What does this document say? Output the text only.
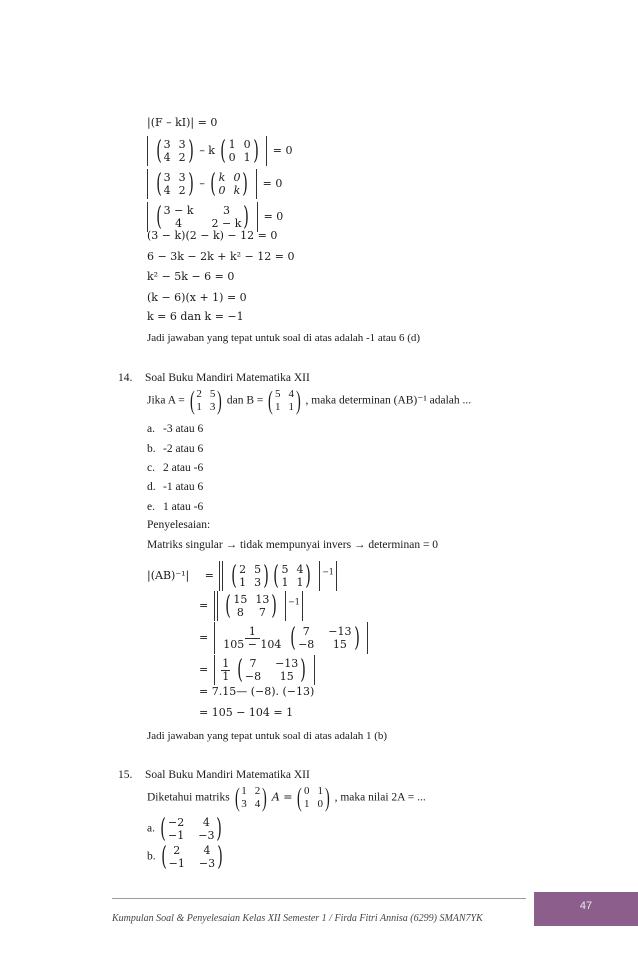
|(F – kI)| = 0

( 3 3
4 2 ) – k ( 1 0
0 1 ) = 0

( 3 3
4 2 ) – ( k 0
0 k ) = 0

( 3 − k	3
4	2 − k ) = 0
(3 − k)(2 − k) − 12 = 0
6 − 3k − 2k + k² − 12 = 0
k² − 5k − 6 = 0
(k − 6)(x + 1) = 0
k = 6 dan k = −1
Jadi jawaban yang tepat untuk soal di atas adalah -1 atau 6 (d)
14. Soal Buku Mandiri Matematika XII
Jika A = ( 2 5
1 3 ) dan B = ( 5 4
1 1 ) , maka determinan (AB)⁻¹ adalah ...
a. -3 atau 6
b. -2 atau 6
c. 2 atau -6
d. -1 atau 6
e. 1 atau -6
Penyelesaian:
Matriks singular → tidak mempunyai invers → determinan = 0
|(AB)⁻¹| = ( 2 5
1 3 ) ( 5 4
1 1 ) $^{-1}$
= ( 15 13
8	7 ) $^{-1}$
= $\frac{1}{105 - 104}$
( 7	−13
−8	15 )

= $\frac{1}{1}$
( 7	−13
−8	15 )

= 7.15— (−8). (−13)
= 105 − 104 = 1
Jadi jawaban yang tepat untuk soal di atas adalah 1 (b)
15. Soal Buku Mandiri Matematika XII
Diketahui matriks ( 1 2
3 4 ) A = ( 0 1
1 0 ) , maka nilai 2A = ...
a. ( −2	4
−1 −3 )
b. ( 2	4
−1 −3 )
47
Kumpulan Soal & Penyelesaian Kelas XII Semester 1 / Firda Fitri Annisa (6299) SMAN7YK
